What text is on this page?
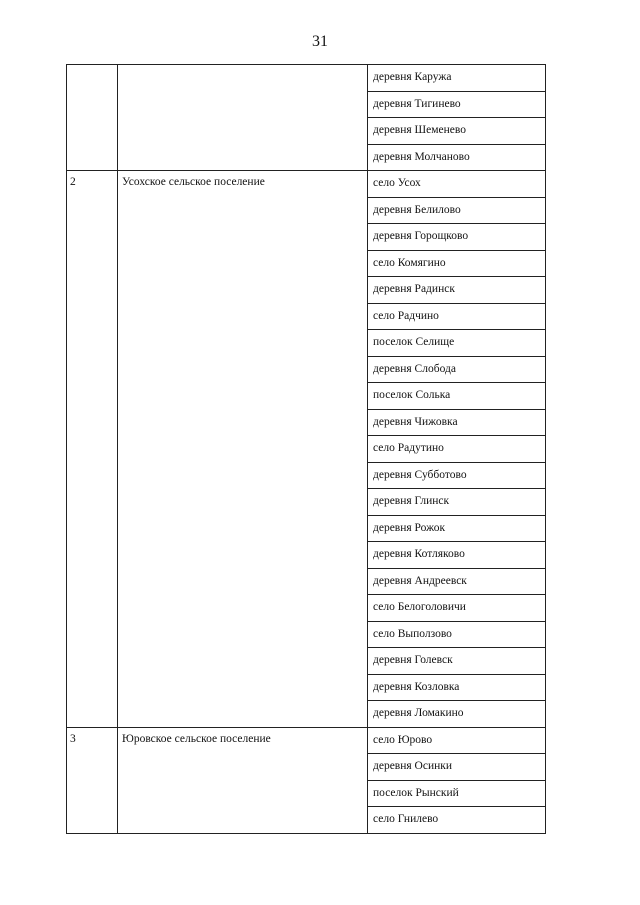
31
		деревня Каружа
		деревня Тигинево
		деревня Шеменево
		деревня Молчаново
2	Усохское сельское поселение	село Усох
		деревня Белилово
		деревня Горощково
		село Комягино
		деревня Радинск
		село Радчино
		поселок Селище
		деревня Слобода
		поселок Солька
		деревня Чижовка
		село Радутино
		деревня Субботово
		деревня Глинск
		деревня Рожок
		деревня Котляково
		деревня Андреевск
		село Белоголовичи
		село Выползово
		деревня Голевск
		деревня Козловка
		деревня Ломакино
3	Юровское сельское поселение	село Юрово
		деревня Осинки
		поселок Рынский
		село Гнилево
